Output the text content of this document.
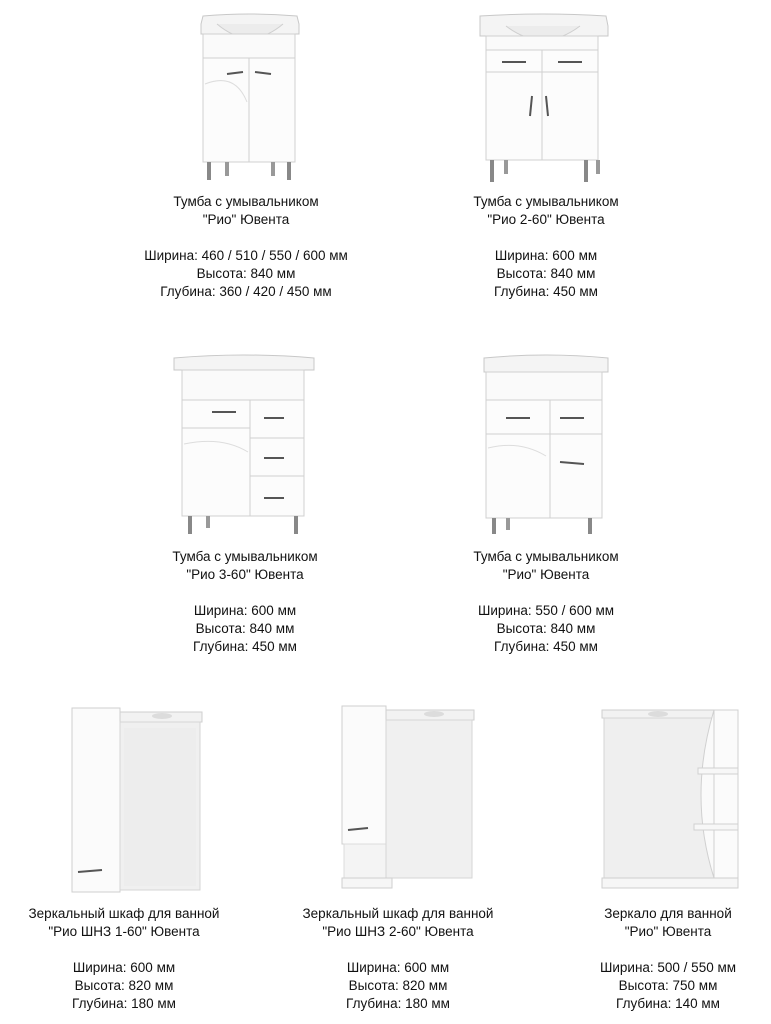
Тумба с умывальником
"Рио" Ювента
Ширина: 460 / 510 / 550 / 600 мм
Высота: 840 мм
Глубина: 360 / 420 / 450 мм
Тумба с умывальником
"Рио 2-60" Ювента
Ширина: 600 мм
Высота: 840 мм
Глубина: 450 мм
Тумба с умывальником
"Рио 3-60" Ювента
Ширина: 600 мм
Высота: 840 мм
Глубина: 450 мм
Тумба с умывальником
"Рио" Ювента
Ширина: 550 / 600 мм
Высота: 840 мм
Глубина: 450 мм
Зеркальный шкаф для ванной
"Рио ШНЗ 1-60" Ювента
Ширина: 600 мм
Высота: 820 мм
Глубина: 180 мм
Зеркальный шкаф для ванной
"Рио ШНЗ 2-60" Ювента
Ширина: 600 мм
Высота: 820 мм
Глубина: 180 мм
Зеркало для ванной
"Рио" Ювента
Ширина: 500 / 550 мм
Высота: 750 мм
Глубина: 140 мм
